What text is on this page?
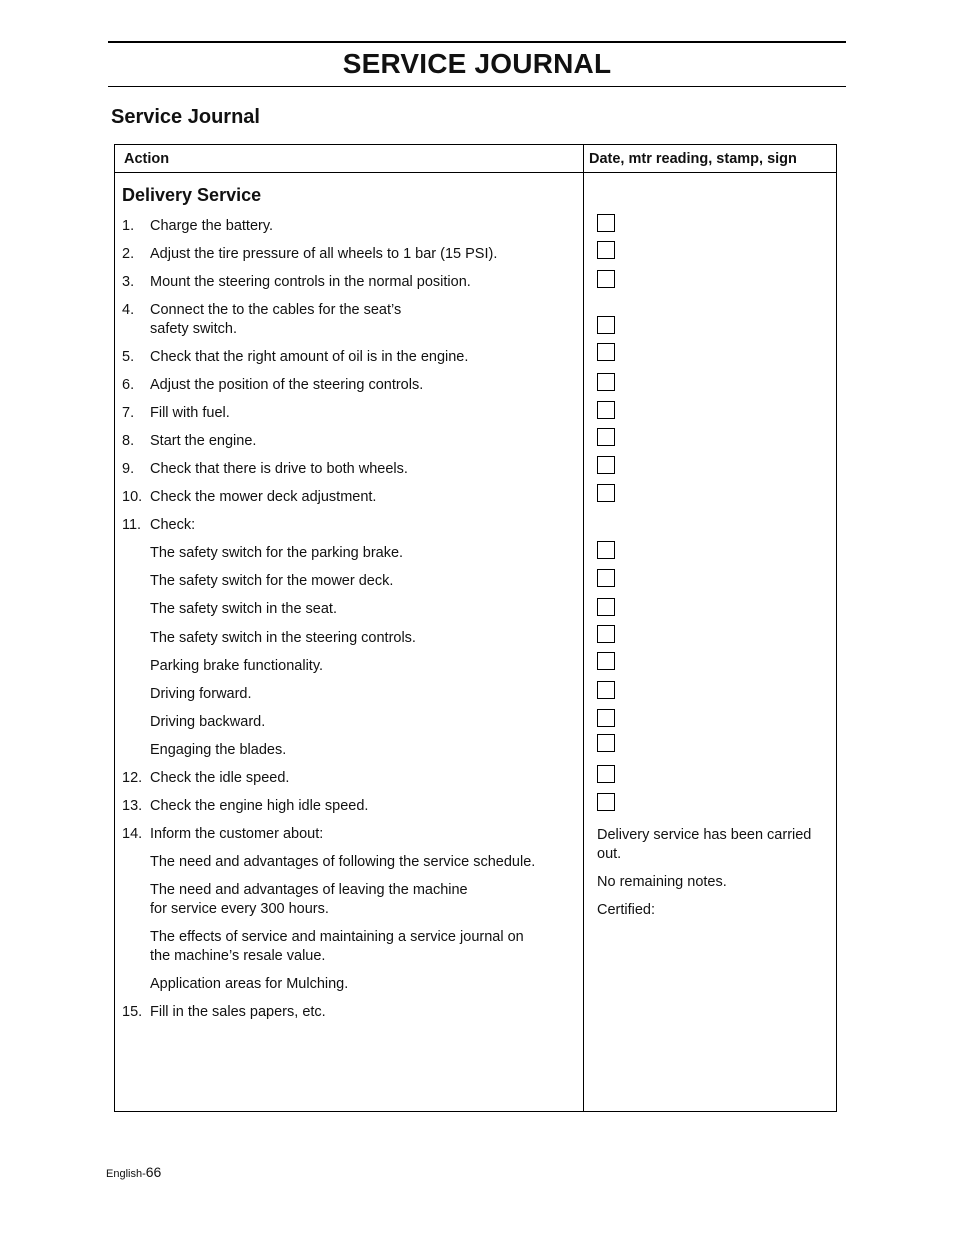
SERVICE JOURNAL
Service Journal
Action	Date, mtr reading, stamp, sign
Delivery Service
1. Charge the battery.
2. Adjust the tire pressure of all wheels to 1 bar (15 PSI).
3. Mount the steering controls in the normal position.
4. Connect the to the cables for the seat’s
safety switch.
5. Check that the right amount of oil is in the engine.
6. Adjust the position of the steering controls.
7. Fill with fuel.
8. Start the engine.
9. Check that there is drive to both wheels.
10. Check the mower deck adjustment.
11. Check:
The safety switch for the parking brake.
The safety switch for the mower deck.
The safety switch in the seat.
The safety switch in the steering controls.
Parking brake functionality.
Driving forward.
Driving backward.
Engaging the blades.
12. Check the idle speed.
13. Check the engine high idle speed.
14. Inform the customer about:
The need and advantages of following the service schedule.
The need and advantages of leaving the machine
for service every 300 hours.
The effects of service and maintaining a service journal on
the machine’s resale value.
Application areas for Mulching.
15. Fill in the sales papers, etc.
Delivery service has been carried
out.
No remaining notes.
Certified:
English-66
